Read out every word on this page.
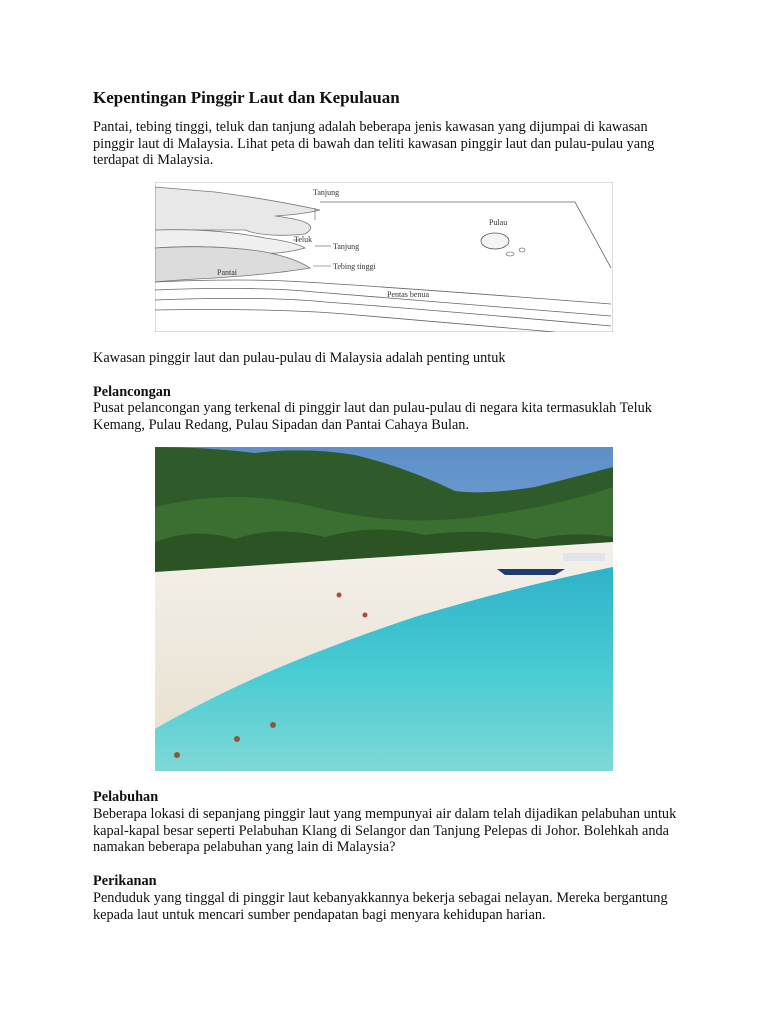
Kepentingan Pinggir Laut dan Kepulauan

Pantai, tebing tinggi, teluk dan tanjung adalah beberapa jenis kawasan yang dijumpai di kawasan pinggir laut di Malaysia. Lihat peta di bawah dan teliti kawasan pinggir laut dan pulau-pulau yang terdapat di Malaysia.

Tanjung
Teluk
Tanjung
Tebing tinggi
Pantai
Pulau
Pentas benua

Kawasan pinggir laut dan pulau-pulau di Malaysia adalah penting untuk

Pelancongan

Pusat pelancongan yang terkenal di pinggir laut dan pulau-pulau di negara kita termasuklah Teluk Kemang, Pulau Redang, Pulau Sipadan dan Pantai Cahaya Bulan.

Pelabuhan

Beberapa lokasi di sepanjang pinggir laut yang mempunyai air dalam telah dijadikan pelabuhan untuk kapal-kapal besar seperti Pelabuhan Klang di Selangor dan Tanjung Pelepas di Johor. Bolehkah anda namakan beberapa pelabuhan yang lain di Malaysia?

Perikanan

Penduduk yang tinggal di pinggir laut kebanyakkannya bekerja sebagai nelayan. Mereka bergantung kepada laut untuk mencari sumber pendapatan bagi menyara kehidupan harian.
